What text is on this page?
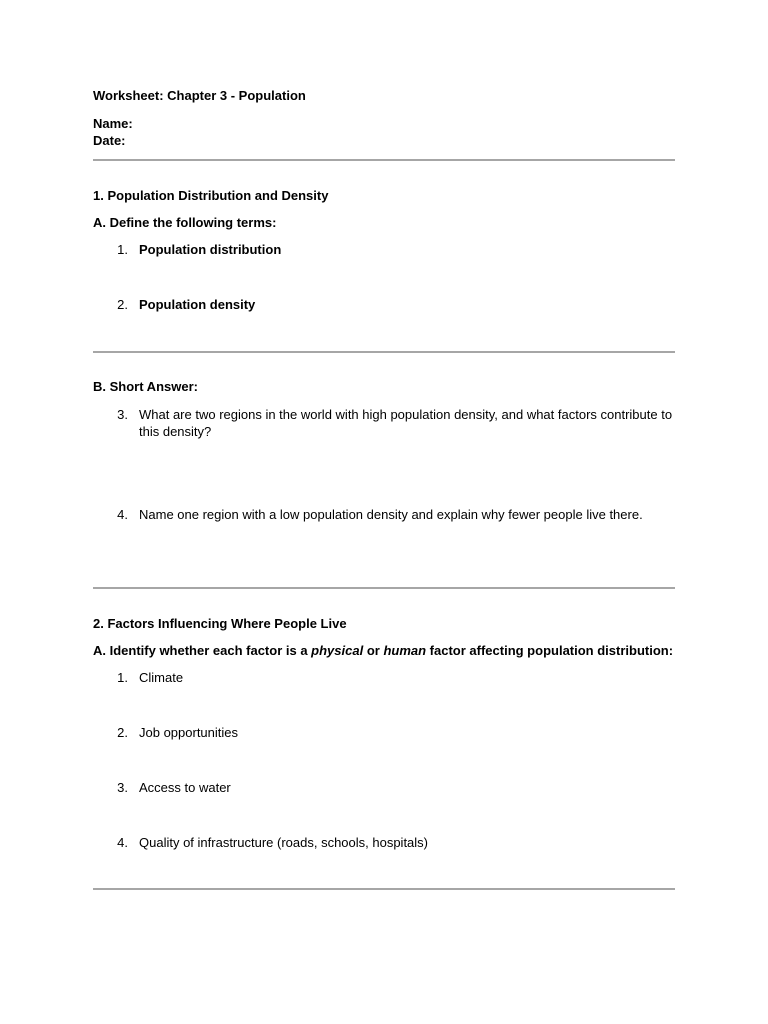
Worksheet: Chapter 3 - Population

Name:

Date:

1. Population Distribution and Density

A. Define the following terms:

1. Population distribution
2. Population density

B. Short Answer:

3. What are two regions in the world with high population density, and what factors contribute to this density?
4. Name one region with a low population density and explain why fewer people live there.

2. Factors Influencing Where People Live

A. Identify whether each factor is a physical or human factor affecting population distribution:

1. Climate
2. Job opportunities
3. Access to water
4. Quality of infrastructure (roads, schools, hospitals)
